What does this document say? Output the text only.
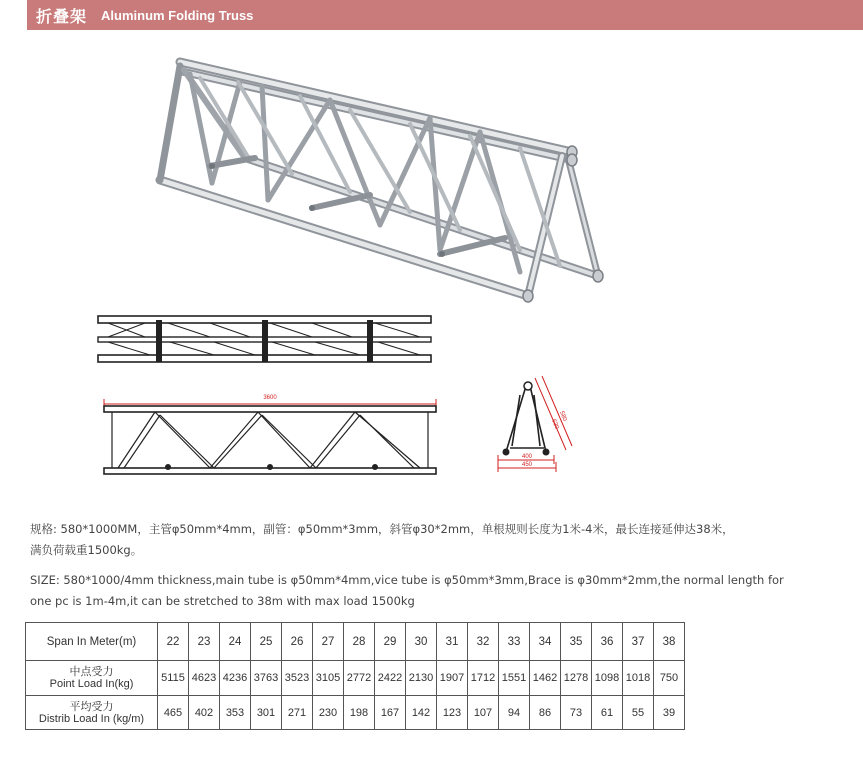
折叠架 Aluminum Folding Truss
3600
630
580
400
450
规格: 580*1000MM，主管φ50mm*4mm，副管：φ50mm*3mm，斜管φ30*2mm，单根规则长度为1米-4米，最长连接延伸达38米，
满负荷载重1500kg。
SIZE: 580*1000/4mm thickness,main tube is φ50mm*4mm,vice tube is φ50mm*3mm,Brace is φ30mm*2mm,the normal length for
one pc is 1m-4m,it can be stretched to 38m with max load 1500kg
Span In Meter(m)	22	23	24	25	26	27	28	29	30	31	32	33	34	35	36	37	38

中点受力
Point Load In(kg)	5115	4623	4236	3763	3523	3105	2772	2422	2130	1907	1712	1551	1462	1278	1098	1018	750

平均受力
Distrib Load In (kg/m)	465	402	353	301	271	230	198	167	142	123	107	94	86	73	61	55	39
